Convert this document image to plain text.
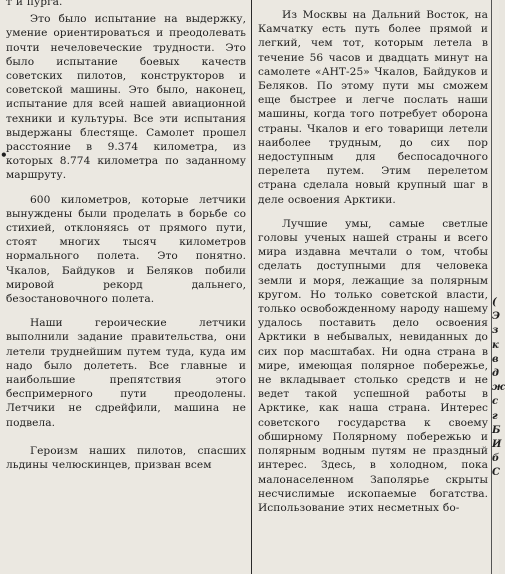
•

т и пурга.

Это было испытание на выдержку, умение ориентироваться и преодолевать почти нечеловеческие трудности. Это было испытание боевых качеств советских пилотов, конструкторов и советской машины. Это было, наконец, испытание для всей нашей авиационной техники и культуры. Все эти испытания выдержаны блестяще. Самолет прошел расстояние в 9.374 километра, из которых 8.774 километра по заданному маршруту.

600 километров, которые летчики вынуждены были проделать в борьбе со стихией, отклоняясь от прямого пути, стоят многих тысяч километров нормального полета. Это понятно. Чкалов, Байдуков и Беляков побили мировой рекорд дальнего, безостановочного полета.

Наши героические летчики выполнили задание правительства, они летели труднейшим путем туда, куда им надо было долететь. Все главные и наибольшие препятствия этого беспримерного пути преодолены. Летчики не сдрейфили, машина не подвела.

Героизм наших пилотов, спасших льдины челюскинцев, призван всем

Из Москвы на Дальний Восток, на Камчатку есть путь более прямой и легкий, чем тот, которым летела в течение 56 часов и двадцать минут на самолете «АНТ-25» Чкалов, Байдуков и Беляков. По этому пути мы сможем еще быстрее и легче послать наши машины, когда того потребует оборона страны. Чкалов и его товарищи летели наиболее трудным, до сих пор недоступным для беспосадочного перелета путем. Этим перелетом страна сделала новый крупный шаг в деле освоения Арктики.

Лучшие умы, самые светлые головы ученых нашей страны и всего мира издавна мечтали о том, чтобы сделать доступными для человека земли и моря, лежащие за полярным кругом. Но только советской власти, только освобожденному народу нашему удалось поставить дело освоения Арктики в небывалых, невиданных до сих пор масштабах. Ни одна страна в мире, имеющая полярное побережье, не вкладывает столько средств и не ведет такой успешной работы в Арктике, как наша страна. Интерес советского государства к своему обширному Полярному побережью и полярным водным путям не праздный интерес. Здесь, в холодном, пока малонаселенном Заполярье скрыты несчислимые ископаемые богатства. Использование этих несметных бо-

(
Э
з
к
в
д
ж
с
г
Б
И
б
С
